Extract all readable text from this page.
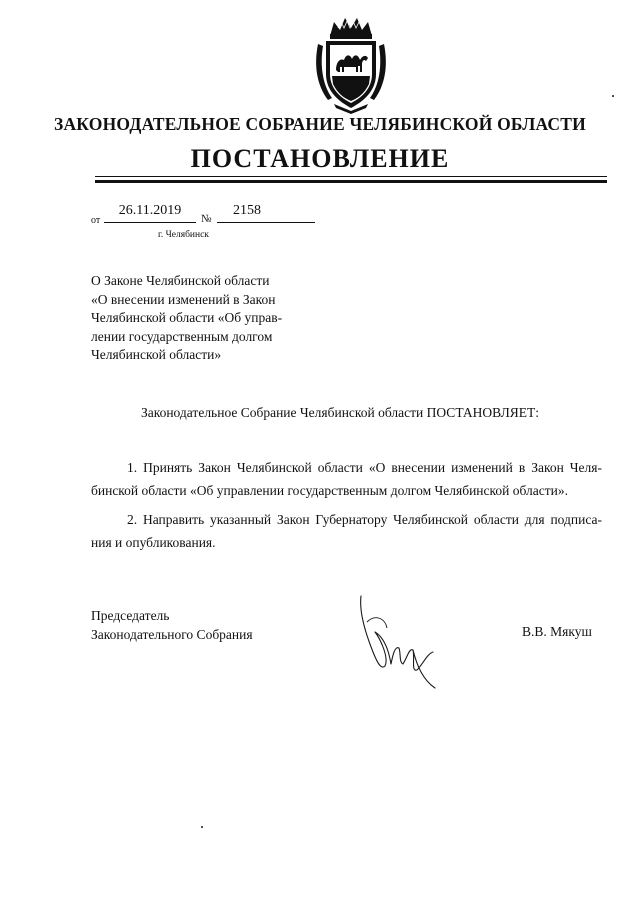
ЗАКОНОДАТЕЛЬНОЕ СОБРАНИЕ ЧЕЛЯБИНСКОЙ ОБЛАСТИ
ПОСТАНОВЛЕНИЕ
от
26.11.2019
№
2158
г. Челябинск
О Законе Челябинской области
«О внесении изменений в Закон
Челябинской области «Об управ-
лении государственным долгом
Челябинской области»
Законодательное Собрание Челябинской области ПОСТАНОВЛЯЕТ:
1. Принять Закон Челябинской области «О внесении изменений в Закон Челя-бинской области «Об управлении государственным долгом Челябинской области».
2. Направить указанный Закон Губернатору Челябинской области для подписа-ния и опубликования.
Председатель
Законодательного Собрания	В.В. Мякуш
